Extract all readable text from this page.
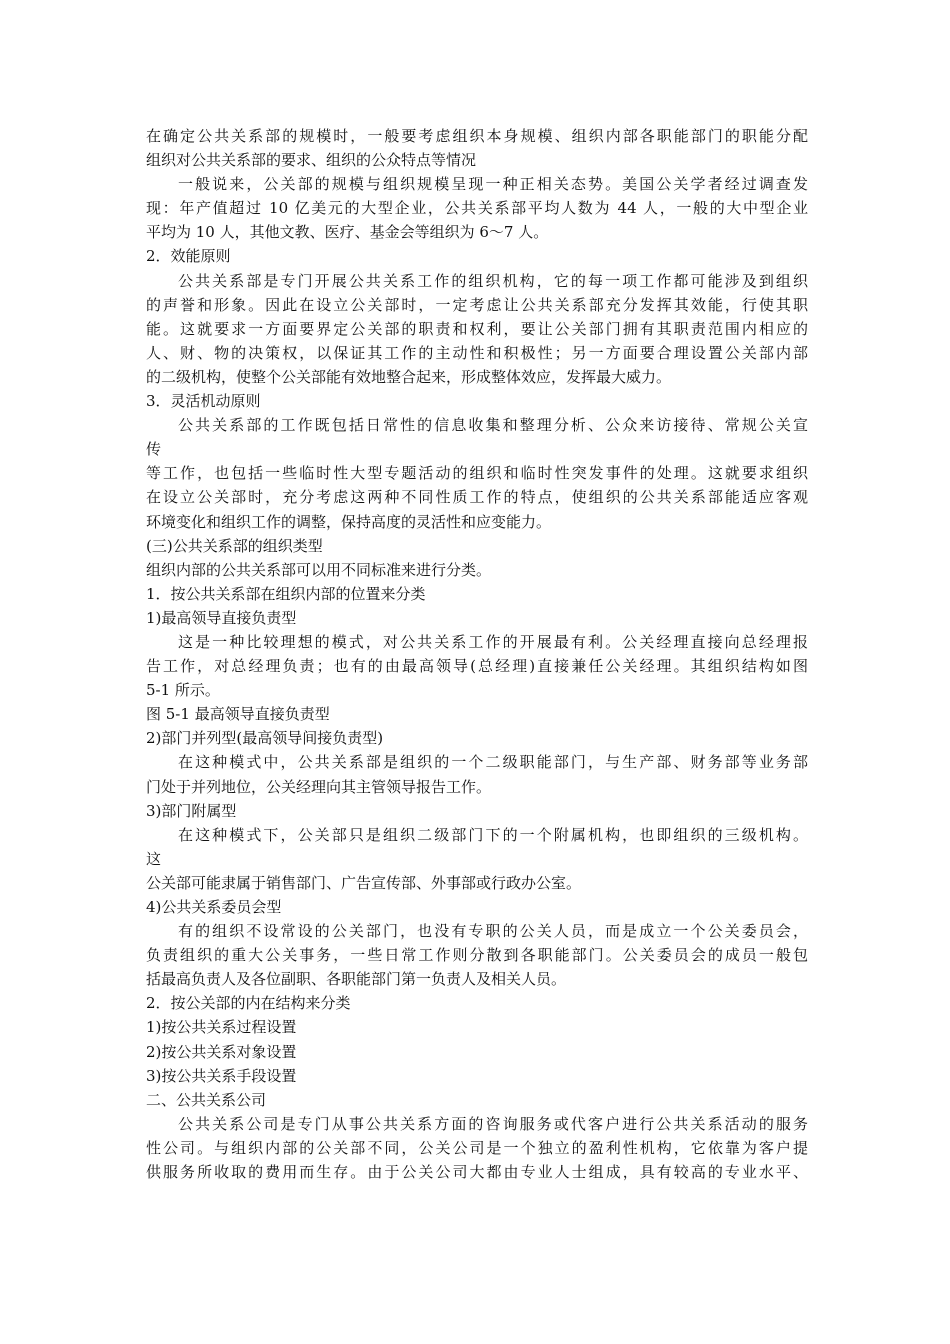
在确定公共关系部的规模时，一般要考虑组织本身规模、组织内部各职能部门的职能分配
组织对公共关系部的要求、组织的公众特点等情况
一般说来，公关部的规模与组织规模呈现一种正相关态势。美国公关学者经过调查发
现：年产值超过 10 亿美元的大型企业，公共关系部平均人数为 44 人，一般的大中型企业
平均为 10 人，其他文教、医疗、基金会等组织为 6～7 人。
2．效能原则
公共关系部是专门开展公共关系工作的组织机构，它的每一项工作都可能涉及到组织
的声誉和形象。因此在设立公关部时，一定考虑让公共关系部充分发挥其效能，行使其职
能。这就要求一方面要界定公关部的职责和权利，要让公关部门拥有其职责范围内相应的
人、财、物的决策权，以保证其工作的主动性和积极性；另一方面要合理设置公关部内部
的二级机构，使整个公关部能有效地整合起来，形成整体效应，发挥最大威力。
3．灵活机动原则
公共关系部的工作既包括日常性的信息收集和整理分析、公众来访接待、常规公关宣
传
等工作，也包括一些临时性大型专题活动的组织和临时性突发事件的处理。这就要求组织
在设立公关部时，充分考虑这两种不同性质工作的特点，使组织的公共关系部能适应客观
环境变化和组织工作的调整，保持高度的灵活性和应变能力。
(三)公共关系部的组织类型
组织内部的公共关系部可以用不同标准来进行分类。
1．按公共关系部在组织内部的位置来分类
1)最高领导直接负责型
这是一种比较理想的模式，对公共关系工作的开展最有利。公关经理直接向总经理报
告工作，对总经理负责；也有的由最高领导(总经理)直接兼任公关经理。其组织结构如图
5-1 所示。
图 5-1 最高领导直接负责型
2)部门并列型(最高领导间接负责型)
在这种模式中，公共关系部是组织的一个二级职能部门，与生产部、财务部等业务部
门处于并列地位，公关经理向其主管领导报告工作。
3)部门附属型
在这种模式下，公关部只是组织二级部门下的一个附属机构，也即组织的三级机构。
这
公关部可能隶属于销售部门、广告宣传部、外事部或行政办公室。
4)公共关系委员会型
有的组织不设常设的公关部门，也没有专职的公关人员，而是成立一个公关委员会，
负责组织的重大公关事务，一些日常工作则分散到各职能部门。公关委员会的成员一般包
括最高负责人及各位副职、各职能部门第一负责人及相关人员。
2．按公关部的内在结构来分类
1)按公共关系过程设置
2)按公共关系对象设置
3)按公共关系手段设置
二、公共关系公司
公共关系公司是专门从事公共关系方面的咨询服务或代客户进行公共关系活动的服务
性公司。与组织内部的公关部不同，公关公司是一个独立的盈利性机构，它依靠为客户提
供服务所收取的费用而生存。由于公关公司大都由专业人士组成，具有较高的专业水平、
